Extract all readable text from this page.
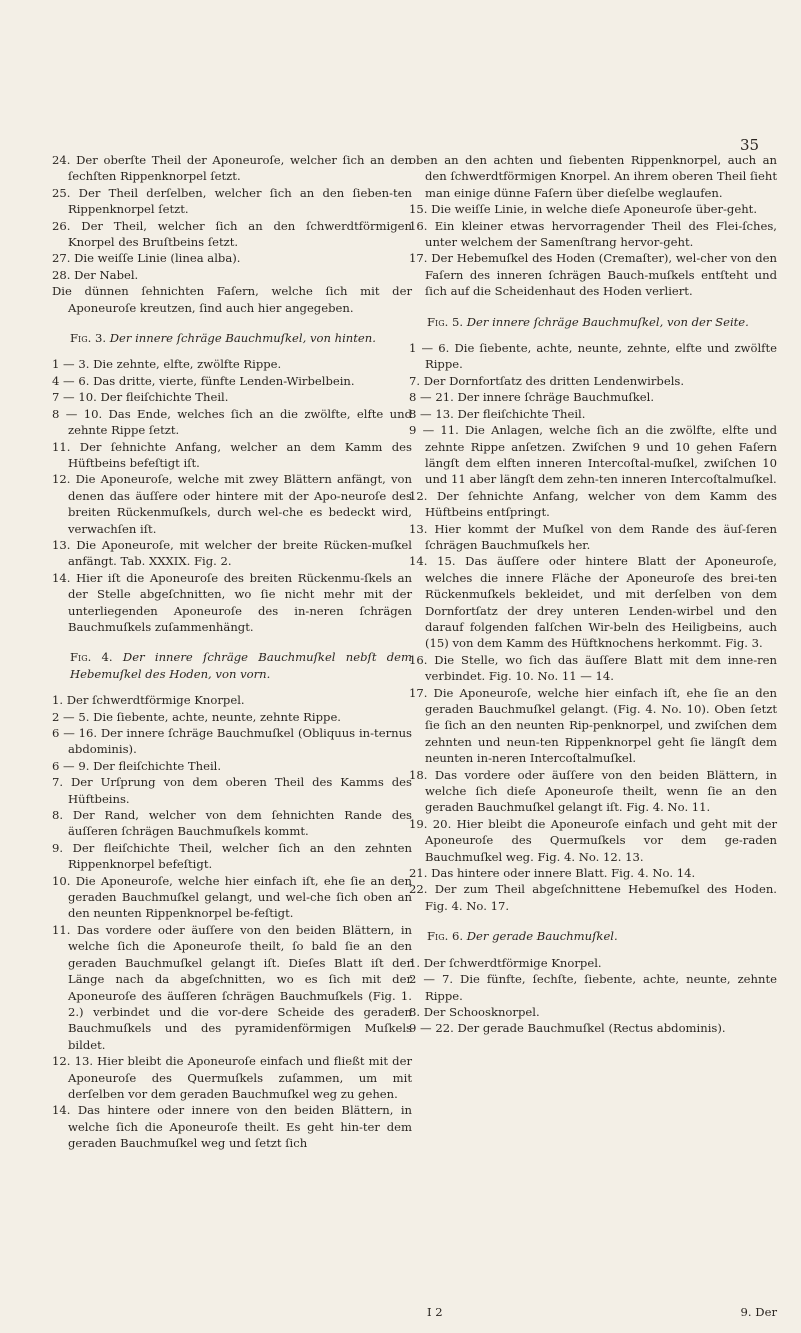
35

24. Der oberſte Theil der Aponeuroſe, welcher ſich an den ſechſten Rippenknorpel ſetzt.

25. Der Theil derſelben, welcher ſich an den ſieben-ten Rippenknorpel ſetzt.

26. Der Theil, welcher ſich an den ſchwerdtförmigen Knorpel des Bruſtbeins ſetzt.

27. Die weiſſe Linie (linea alba).

28. Der Nabel.

Die dünnen ſehnichten Faſern, welche ſich mit der Aponeuroſe kreutzen, ſind auch hier angegeben.

Fig. 3. Der innere ſchräge Bauchmuſkel, von hinten.

1 — 3. Die zehnte, elfte, zwölfte Rippe.

4 — 6. Das dritte, vierte, fünfte Lenden-Wirbelbein.

7 — 10. Der fleiſchichte Theil.

8 — 10. Das Ende, welches ſich an die zwölfte, elfte und zehnte Rippe ſetzt.

11. Der ſehnichte Anfang, welcher an dem Kamm des Hüftbeins befeſtigt iſt.

12. Die Aponeuroſe, welche mit zwey Blättern anfängt, von denen das äuſſere oder hintere mit der Apo-neuroſe des breiten Rückenmuſkels, durch wel-che es bedeckt wird, verwachſen iſt.

13. Die Aponeuroſe, mit welcher der breite Rücken-muſkel anfängt. Tab. XXXIX. Fig. 2.

14. Hier iſt die Aponeuroſe des breiten Rückenmu-ſkels an der Stelle abgeſchnitten, wo ſie nicht mehr mit der unterliegenden Aponeuroſe des in-neren ſchrägen Bauchmuſkels zuſammenhängt.

Fig. 4. Der innere ſchräge Bauchmuſkel nebſt dem Hebemuſkel des Hoden, von vorn.

1. Der ſchwerdtförmige Knorpel.

2 — 5. Die ſiebente, achte, neunte, zehnte Rippe.

6 — 16. Der innere ſchräge Bauchmuſkel (Obliquus in-ternus abdominis).

6 — 9. Der fleiſchichte Theil.

7. Der Urſprung von dem oberen Theil des Kamms des Hüftbeins.

8. Der Rand, welcher von dem ſehnichten Rande des äuſſeren ſchrägen Bauchmuſkels kommt.

9. Der fleiſchichte Theil, welcher ſich an den zehnten Rippenknorpel befeſtigt.

10. Die Aponeuroſe, welche hier einfach iſt, ehe ſie an den geraden Bauchmuſkel gelangt, und wel-che ſich oben an den neunten Rippenknorpel be-feſtigt.

11. Das vordere oder äuſſere von den beiden Blättern, in welche ſich die Aponeuroſe theilt, ſo bald ſie an den geraden Bauchmuſkel gelangt iſt. Dieſes Blatt iſt der Länge nach da abgeſchnitten, wo es ſich mit der Aponeuroſe des äuſſeren ſchrägen Bauchmuſkels (Fig. 1. 2.) verbindet und die vor-dere Scheide des geraden Bauchmuſkels und des pyramidenförmigen Muſkels bildet.

12. 13. Hier bleibt die Aponeuroſe einfach und fließt mit der Aponeuroſe des Quermuſkels zuſammen, um mit derſelben vor dem geraden Bauchmuſkel weg zu gehen.

14. Das hintere oder innere von den beiden Blättern, in welche ſich die Aponeuroſe theilt. Es geht hin-ter dem geraden Bauchmuſkel weg und ſetzt ſich

oben an den achten und ſiebenten Rippenknorpel, auch an den ſchwerdtförmigen Knorpel. An ihrem oberen Theil ſieht man einige dünne Faſern über dieſelbe weglaufen.

15. Die weiſſe Linie, in welche dieſe Aponeuroſe über-geht.

16. Ein kleiner etwas hervorragender Theil des Flei-ſches, unter welchem der Samenſtrang hervor-geht.

17. Der Hebemuſkel des Hoden (Cremaſter), wel-cher von den Faſern des inneren ſchrägen Bauch-muſkels entſteht und ſich auf die Scheidenhaut des Hoden verliert.

Fig. 5. Der innere ſchräge Bauchmuſkel, von der Seite.

1 — 6. Die ſiebente, achte, neunte, zehnte, elfte und zwölfte Rippe.

7. Der Dornfortſatz des dritten Lendenwirbels.

8 — 21. Der innere ſchräge Bauchmuſkel.

8 — 13. Der fleiſchichte Theil.

9 — 11. Die Anlagen, welche ſich an die zwölfte, elfte und zehnte Rippe anſetzen. Zwiſchen 9 und 10 gehen Faſern längſt dem elften inneren Intercoſtal-muſkel, zwiſchen 10 und 11 aber längſt dem zehn-ten inneren Intercoſtalmuſkel.

12. Der ſehnichte Anfang, welcher von dem Kamm des Hüftbeins entſpringt.

13. Hier kommt der Muſkel von dem Rande des äuſ-ſeren ſchrägen Bauchmuſkels her.

14. 15. Das äuſſere oder hintere Blatt der Aponeuroſe, welches die innere Fläche der Aponeuroſe des brei-ten Rückenmuſkels bekleidet, und mit derſelben von dem Dornfortſatz der drey unteren Lenden-wirbel und den darauf folgenden falſchen Wir-beln des Heiligbeins, auch (15) von dem Kamm des Hüftknochens herkommt. Fig. 3.

16. Die Stelle, wo ſich das äuſſere Blatt mit dem inne-ren verbindet. Fig. 10. No. 11 — 14.

17. Die Aponeuroſe, welche hier einfach iſt, ehe ſie an den geraden Bauchmuſkel gelangt. (Fig. 4. No. 10). Oben ſetzt ſie ſich an den neunten Rip-penknorpel, und zwiſchen dem zehnten und neun-ten Rippenknorpel geht ſie längſt dem neunten in-neren Intercoſtalmuſkel.

18. Das vordere oder äuſſere von den beiden Blättern, in welche ſich dieſe Aponeuroſe theilt, wenn ſie an den geraden Bauchmuſkel gelangt iſt. Fig. 4. No. 11.

19. 20. Hier bleibt die Aponeuroſe einfach und geht mit der Aponeuroſe des Quermuſkels vor dem ge-raden Bauchmuſkel weg. Fig. 4. No. 12. 13.

21. Das hintere oder innere Blatt. Fig. 4. No. 14.

22. Der zum Theil abgeſchnittene Hebemuſkel des Hoden. Fig. 4. No. 17.

Fig. 6. Der gerade Bauchmuſkel.

1. Der ſchwerdtförmige Knorpel.

2 — 7. Die fünfte, ſechſte, ſiebente, achte, neunte, zehnte Rippe.

8. Der Schoosknorpel.

9 — 22. Der gerade Bauchmuſkel (Rectus abdominis).

I 2	9. Der
